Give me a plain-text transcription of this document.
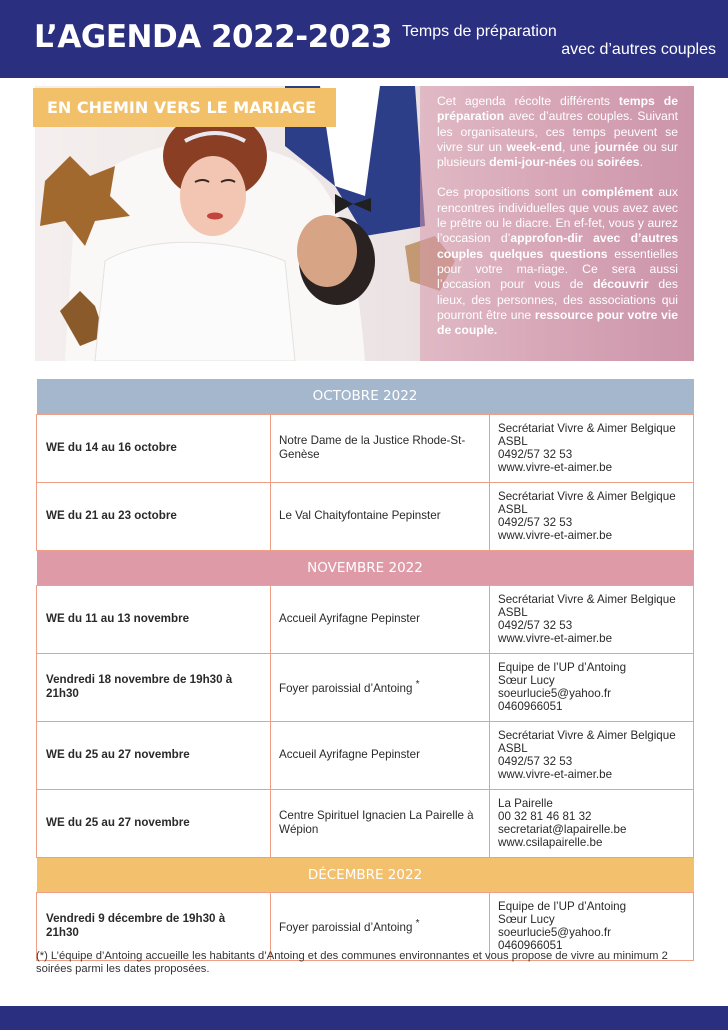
L’AGENDA 2022-2023 Temps de préparation
avec d’autres couples
EN CHEMIN VERS LE MARIAGE	Cet agenda récolte différents temps de préparation avec d’autres couples. Suivant les organisateurs, ces temps peuvent se vivre sur un week-end, une journée ou sur plusieurs demi-jour-nées ou soirées.

Ces propositions sont un complément aux rencontres individuelles que vous avez avec le prêtre ou le diacre. En ef-fet, vous y aurez l’occasion d’approfon-dir avec d’autres couples quelques questions essentielles pour votre ma-riage. Ce sera aussi l’occasion pour vous de découvrir des lieux, des personnes, des associations qui pourront être une ressource pour votre vie de couple.

OCTOBRE 2022		
WE du 14 au 16 octobre	Notre Dame de la Justice Rhode-St-Genèse	Secrétariat Vivre & Aimer Belgique
ASBL
0492/57 32 53
www.vivre-et-aimer.be

WE du 21 au 23 octobre	Le Val Chaityfontaine Pepinster	Secrétariat Vivre & Aimer Belgique
ASBL
0492/57 32 53
www.vivre-et-aimer.be

NOVEMBRE 2022		
WE du 11 au 13 novembre	Accueil Ayrifagne Pepinster	Secrétariat Vivre & Aimer Belgique
ASBL
0492/57 32 53
www.vivre-et-aimer.be

Vendredi 18 novembre de 19h30 à 21h30	Foyer paroissial d’Antoing *	Equipe de l’UP d’Antoing
Sœur Lucy
soeurlucie5@yahoo.fr
0460966051

WE du 25 au 27 novembre	Accueil Ayrifagne Pepinster	Secrétariat Vivre & Aimer Belgique
ASBL
0492/57 32 53
www.vivre-et-aimer.be

WE du 25 au 27 novembre	Centre Spirituel Ignacien La Pairelle à Wépion	La Pairelle
00 32 81 46 81 32
secretariat@lapairelle.be
www.csilapairelle.be

DÉCEMBRE 2022		
Vendredi 9 décembre de 19h30 à 21h30	Foyer paroissial d’Antoing *	Equipe de l’UP d’Antoing
Sœur Lucy
soeurlucie5@yahoo.fr
0460966051
(*) L’équipe d’Antoing accueille les habitants d’Antoing et des communes environnantes et vous propose de vivre au minimum 2 soirées parmi les dates proposées.
